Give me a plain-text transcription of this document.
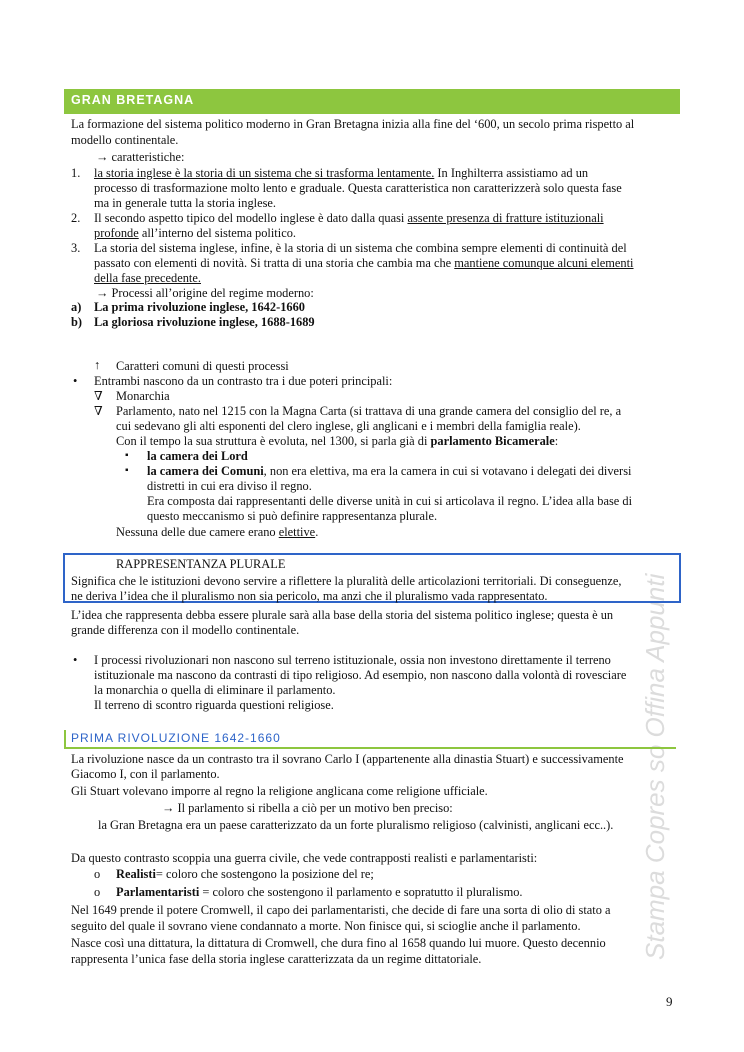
Stampa Copres so Offina Appunti
GRAN BRETAGNA
La formazione del sistema politico moderno in Gran Bretagna inizia alla fine del ‘600, un secolo prima rispetto al
modello continentale.
→ caratteristiche:
1. la storia inglese è la storia di un sistema che si trasforma lentamente. In Inghilterra assistiamo ad un
processo di trasformazione molto lento e graduale. Questa caratteristica non caratterizzerà solo questa fase
ma in generale tutta la storia inglese.
2. Il secondo aspetto tipico del modello inglese è dato dalla quasi assente presenza di fratture istituzionali
profonde all’interno del sistema politico.
3. La storia del sistema inglese, infine, è la storia di un sistema che combina sempre elementi di continuità del
passato con elementi di novità. Si tratta di una storia che cambia ma che mantiene comunque alcuni elementi
della fase precedente.
→ Processi all’origine del regime moderno:
a) La prima rivoluzione inglese, 1642-1660
b) La gloriosa rivoluzione inglese, 1688-1689
↑ Caratteri comuni di questi processi
• Entrambi nascono da un contrasto tra i due poteri principali:
∇ Monarchia
∇ Parlamento, nato nel 1215 con la Magna Carta (si trattava di una grande camera del consiglio del re, a
cui sedevano gli alti esponenti del clero inglese, gli anglicani e i membri della famiglia reale).
Con il tempo la sua struttura è evoluta, nel 1300, si parla già di parlamento Bicamerale:
▪ la camera dei Lord
▪ la camera dei Comuni, non era elettiva, ma era la camera in cui si votavano i delegati dei diversi
distretti in cui era diviso il regno.
Era composta dai rappresentanti delle diverse unità in cui si articolava il regno. L’idea alla base di
questo meccanismo si può definire rappresentanza plurale.
Nessuna delle due camere erano elettive.
RAPPRESENTANZA PLURALE
Significa che le istituzioni devono servire a riflettere la pluralità delle articolazioni territoriali. Di conseguenze,
ne deriva l’idea che il pluralismo non sia pericolo, ma anzi che il pluralismo vada rappresentato.
L’idea che rappresenta debba essere plurale sarà alla base della storia del sistema politico inglese; questa è un
grande differenza con il modello continentale.
• I processi rivoluzionari non nascono sul terreno istituzionale, ossia non investono direttamente il terreno
istituzionale ma nascono da contrasti di tipo religioso. Ad esempio, non nascono dalla volontà di rovesciare
la monarchia o quella di eliminare il parlamento.
Il terreno di scontro riguarda questioni religiose.
PRIMA RIVOLUZIONE 1642-1660
La rivoluzione nasce da un contrasto tra il sovrano Carlo I (appartenente alla dinastia Stuart) e successivamente
Giacomo I, con il parlamento.
Gli Stuart volevano imporre al regno la religione anglicana come religione ufficiale.
→ Il parlamento si ribella a ciò per un motivo ben preciso:
la Gran Bretagna era un paese caratterizzato da un forte pluralismo religioso (calvinisti, anglicani ecc..).
Da questo contrasto scoppia una guerra civile, che vede contrapposti realisti e parlamentaristi:
o Realisti= coloro che sostengono la posizione del re;
o Parlamentaristi = coloro che sostengono il parlamento e sopratutto il pluralismo.
Nel 1649 prende il potere Cromwell, il capo dei parlamentaristi, che decide di fare una sorta di olio di stato a
seguito del quale il sovrano viene condannato a morte. Non finisce qui, si scioglie anche il parlamento.
Nasce così una dittatura, la dittatura di Cromwell, che dura fino al 1658 quando lui muore. Questo decennio
rappresenta l’unica fase della storia inglese caratterizzata da un regime dittatoriale.
9
